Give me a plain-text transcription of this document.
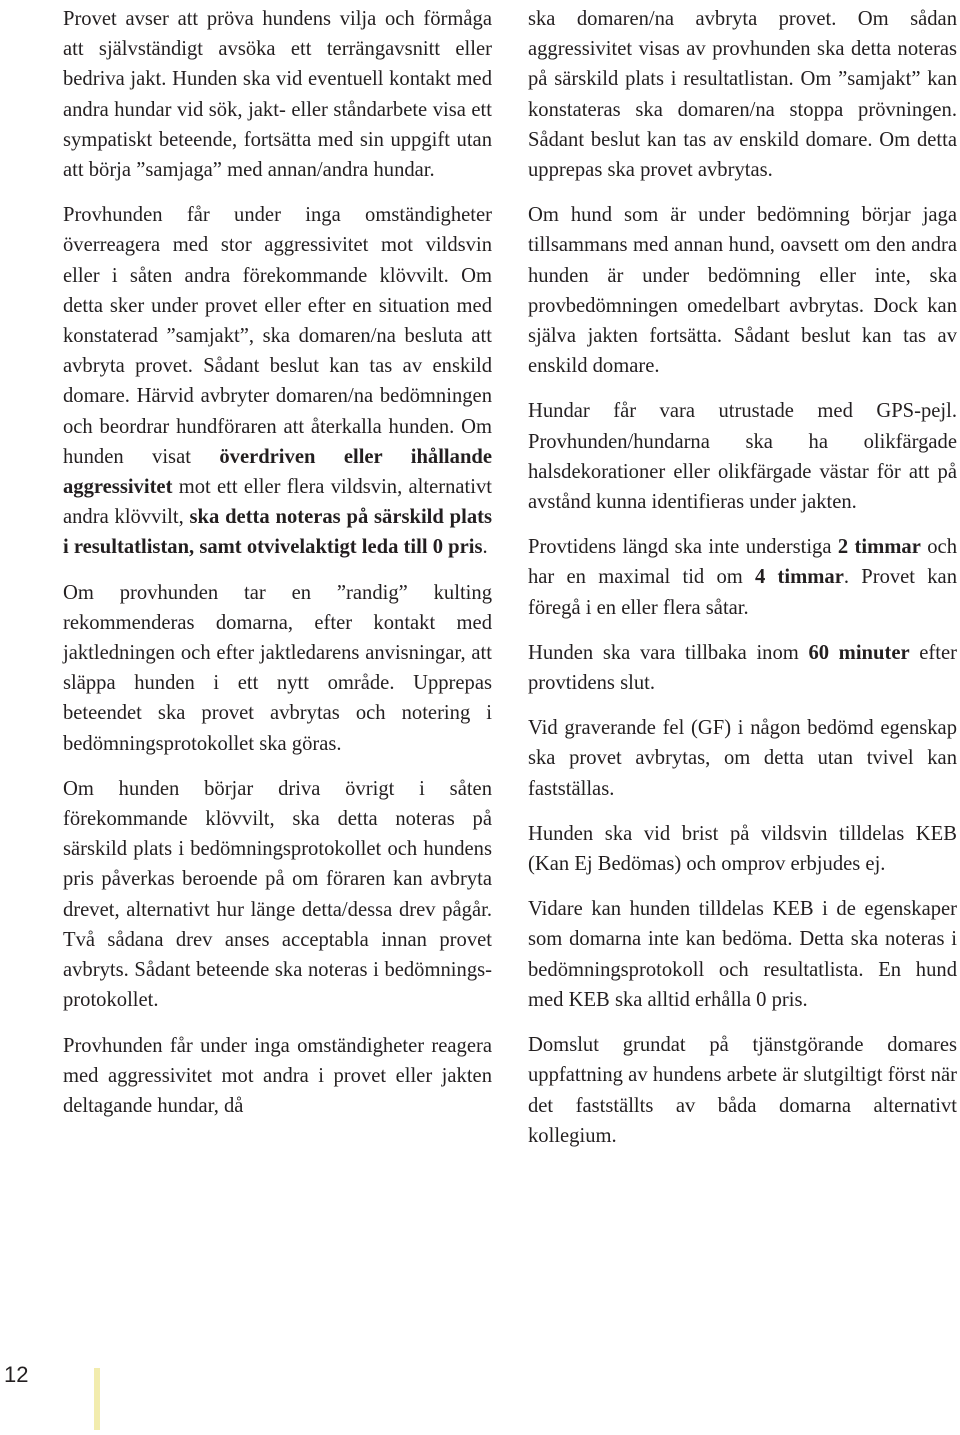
Provet avser att pröva hundens vilja och förmåga att självständigt avsöka ett terrängavsnitt eller bedriva jakt. Hunden ska vid eventuell kontakt med andra hundar vid sök, jakt- eller ståndarbete visa ett sympatiskt beteende, fortsätta med sin uppgift utan att börja ”samjaga” med annan/andra hundar.

Provhunden får under inga omständigheter överreagera med stor aggressivitet mot vildsvin eller i såten andra förekommande klövvilt. Om detta sker under provet eller efter en situation med konstaterad ”samjakt”, ska domaren/na besluta att avbryta provet. Sådant beslut kan tas av enskild domare. Härvid avbryter domaren/na bedömningen och beordrar hundföraren att återkalla hunden. Om hunden visat överdriven eller ihållande aggressivitet mot ett eller flera vildsvin, alternativt andra klövvilt, ska detta noteras på särskild plats i resultatlistan, samt otvivelaktigt leda till 0 pris.

Om provhunden tar en ”randig” kulting rekommenderas domarna, efter kontakt med jaktledningen och efter jaktledarens anvisningar, att släppa hunden i ett nytt område. Upprepas beteendet ska provet avbrytas och notering i bedömningsprotokollet ska göras.

Om hunden börjar driva övrigt i såten förekommande klövvilt, ska detta noteras på särskild plats i bedömningsprotokollet och hundens pris påverkas beroende på om föraren kan avbryta drevet, alternativt hur länge detta/dessa drev pågår. Två sådana drev anses acceptabla innan provet avbryts. Sådant beteende ska noteras i bedömningsprotokollet.

Provhunden får under inga omständigheter reagera med aggressivitet mot andra i provet eller jakten deltagande hundar, då

ska domaren/na avbryta provet. Om sådan aggressivitet visas av provhunden ska detta noteras på särskild plats i resultatlistan. Om ”samjakt” kan konstateras ska domaren/na stoppa prövningen. Sådant beslut kan tas av enskild domare. Om detta upprepas ska provet avbrytas.

Om hund som är under bedömning börjar jaga tillsammans med annan hund, oavsett om den andra hunden är under bedömning eller inte, ska provbedömningen omedelbart avbrytas. Dock kan själva jakten fortsätta. Sådant beslut kan tas av enskild domare.

Hundar får vara utrustade med GPS-pejl. Provhunden/hundarna ska ha olikfärgade halsdekorationer eller olikfärgade västar för att på avstånd kunna identifieras under jakten.

Provtidens längd ska inte understiga 2 timmar och har en maximal tid om 4 timmar. Provet kan föregå i en eller flera såtar.

Hunden ska vara tillbaka inom 60 minuter efter provtidens slut.

Vid graverande fel (GF) i någon bedömd egenskap ska provet avbrytas, om detta utan tvivel kan fastställas.

Hunden ska vid brist på vildsvin tilldelas KEB (Kan Ej Bedömas) och omprov erbjudes ej.

Vidare kan hunden tilldelas KEB i de egenskaper som domarna inte kan bedöma. Detta ska noteras i bedömningsprotokoll och resultatlista. En hund med KEB ska alltid erhålla 0 pris.

Domslut grundat på tjänstgörande domares uppfattning av hundens arbete är slutgiltigt först när det fastställts av båda domarna alternativt kollegium.

12
